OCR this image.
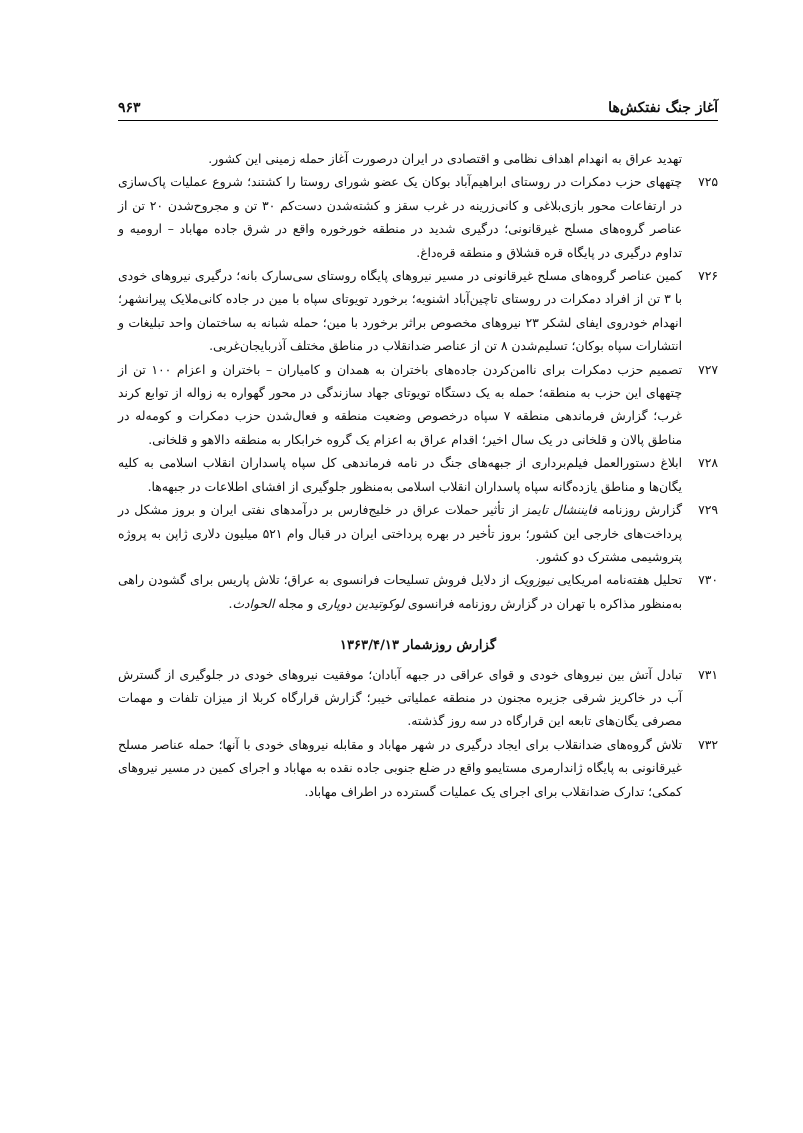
آغاز جنگ نفتکش‌ها
۹۶۳

تهدید عراق به انهدام اهداف نظامی و اقتصادی در ایران درصورت آغاز حمله زمینی این کشور.

۷۲۵
چتههای حزب دمکرات در روستای ابراهیم‌آباد بوکان یک عضو شورای روستا را کشتند؛ شروع عملیات پاک‌سازی در ارتفاعات محور بازی‌بلاغی و کانی‌زرینه در غرب سقز و کشته‌شدن دست‌کم ۳۰ تن و مجروح‌شدن ۲۰ تن از عناصر گروه‌های مسلح غیرقانونی؛ درگیری شدید در منطقه خورخوره واقع در شرق جاده مهاباد – ارومیه و تداوم درگیری در پایگاه قره قشلاق و منطقه قره‌داغ.

۷۲۶
کمین عناصر گروه‌های مسلح غیرقانونی در مسیر نیروهای پایگاه روستای سی‌سارک بانه؛ درگیری نیروهای خودی با ۳ تن از افراد دمکرات در روستای تاچین‌آباد اشنویه؛ برخورد تویوتای سپاه با مین در جاده کانی‌ملایک پیرانشهر؛ انهدام خودروی ایفای لشکر ۲۳ نیروهای مخصوص براثر برخورد با مین؛ حمله شبانه به ساختمان واحد تبلیغات و انتشارات سپاه بوکان؛ تسلیم‌شدن ۸ تن از عناصر ضدانقلاب در مناطق مختلف آذربایجان‌غربی.

۷۲۷
تصمیم حزب دمکرات برای ناامن‌کردن جاده‌های باختران به همدان و کامیاران – باختران و اعزام ۱۰۰ تن از چتههای این حزب به منطقه؛ حمله به یک دستگاه تویوتای جهاد سازندگی در محور گهواره به زواله از توابع کرند غرب؛ گزارش فرماندهی منطقه ۷ سپاه درخصوص وضعیت منطقه و فعال‌شدن حزب دمکرات و کومه‌له در مناطق پالان و قلخانی در یک سال اخیر؛ اقدام عراق به اعزام یک گروه خرابکار به منطقه دالاهو و قلخانی.

۷۲۸
ابلاغ دستورالعمل فیلم‌برداری از جبهه‌های جنگ در نامه فرماندهی کل سپاه پاسداران انقلاب اسلامی به کلیه یگان‌ها و مناطق یازده‌گانه سپاه پاسداران انقلاب اسلامی به‌منظور جلوگیری از افشای اطلاعات در جبهه‌ها.

۷۲۹
گزارش روزنامه فایننشال تایمز از تأثیر حملات عراق در خلیج‌فارس بر درآمدهای نفتی ایران و بروز مشکل در پرداخت‌های خارجی این کشور؛ بروز تأخیر در بهره پرداختی ایران در قبال وام ۵۲۱ میلیون دلاری ژاپن به پروژه پتروشیمی مشترک دو کشور.

۷۳۰
تحلیل هفته‌نامه امریکایی نیوزویک از دلایل فروش تسلیحات فرانسوی به عراق؛ تلاش پاریس برای گشودن راهی به‌منظور مذاکره با تهران در گزارش روزنامه فرانسوی لوکوتیدین دوپاری و مجله الحوادث.

گزارش روزشمار ۱۳۶۳/۴/۱۳

۷۳۱
تبادل آتش بین نیروهای خودی و قوای عراقی در جبهه آبادان؛ موفقیت نیروهای خودی در جلوگیری از گسترش آب در خاکریز شرقی جزیره مجنون در منطقه عملیاتی خیبر؛ گزارش قرارگاه کربلا از میزان تلفات و مهمات مصرفی یگان‌های تابعه این قرارگاه در سه روز گذشته.

۷۳۲
تلاش گروه‌های ضدانقلاب برای ایجاد درگیری در شهر مهاباد و مقابله نیروهای خودی با آنها؛ حمله عناصر مسلح غیرقانونی به پایگاه ژاندارمری مستایمو واقع در ضلع جنوبی جاده نقده به مهاباد و اجرای کمین در مسیر نیروهای کمکی؛ تدارک ضدانقلاب برای اجرای یک عملیات گسترده در اطراف مهاباد.
